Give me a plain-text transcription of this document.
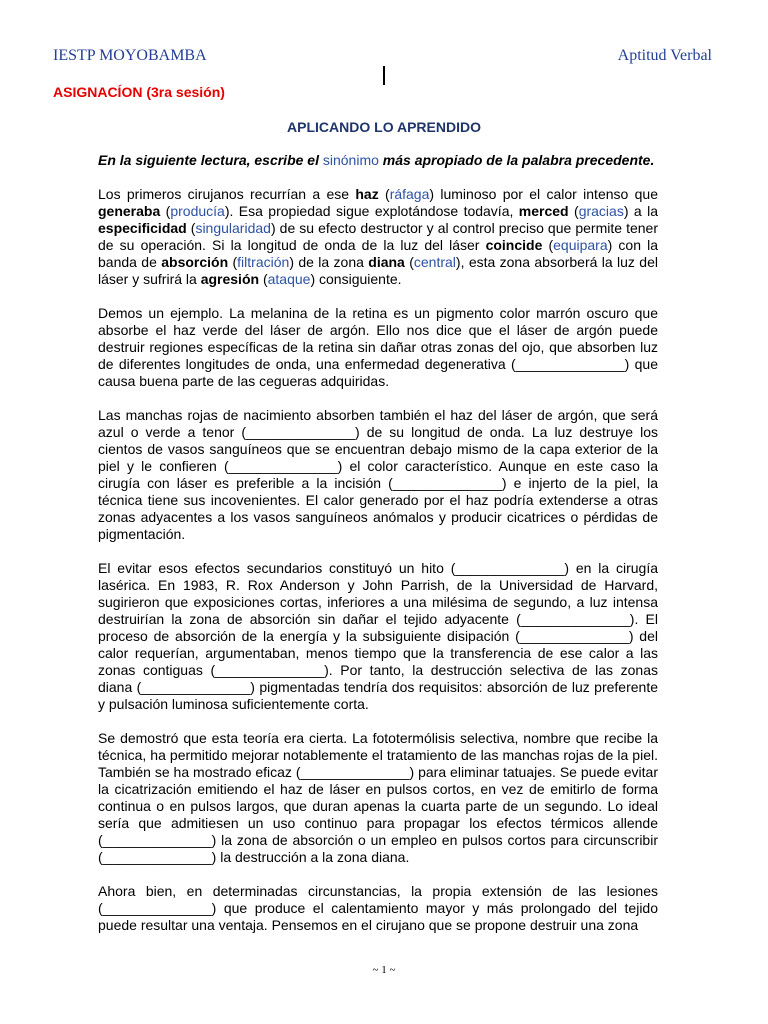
IESTP MOYOBAMBA	Aptitud Verbal
ASIGNACÍON (3ra sesión)
APLICANDO LO APRENDIDO

En la siguiente lectura, escribe el sinónimo más apropiado de la palabra precedente.

Los primeros cirujanos recurrían a ese haz (ráfaga) luminoso por el calor intenso que generaba (producía). Esa propiedad sigue explotándose todavía, merced (gracias) a la especificidad (singularidad) de su efecto destructor y al control preciso que permite tener de su operación. Si la longitud de onda de la luz del láser coincide (equipara) con la banda de absorción (filtración) de la zona diana (central), esta zona absorberá la luz del láser y sufrirá la agresión (ataque) consiguiente.

Demos un ejemplo. La melanina de la retina es un pigmento color marrón oscuro que absorbe el haz verde del láser de argón. Ello nos dice que el láser de argón puede destruir regiones específicas de la retina sin dañar otras zonas del ojo, que absorben luz de diferentes longitudes de onda, una enfermedad degenerativa (______________) que causa buena parte de las cegueras adquiridas.

Las manchas rojas de nacimiento absorben también el haz del láser de argón, que será azul o verde a tenor (______________) de su longitud de onda. La luz destruye los cientos de vasos sanguíneos que se encuentran debajo mismo de la capa exterior de la piel y le confieren (______________) el color característico. Aunque en este caso la cirugía con láser es preferible a la incisión (______________) e injerto de la piel, la técnica tiene sus incovenientes. El calor generado por el haz podría extenderse a otras zonas adyacentes a los vasos sanguíneos anómalos y producir cicatrices o pérdidas de pigmentación.

El evitar esos efectos secundarios constituyó un hito (______________) en la cirugía lasérica. En 1983, R. Rox Anderson y John Parrish, de la Universidad de Harvard, sugirieron que exposiciones cortas, inferiores a una milésima de segundo, a luz intensa destruirían la zona de absorción sin dañar el tejido adyacente (______________). El proceso de absorción de la energía y la subsiguiente disipación (______________) del calor requerían, argumentaban, menos tiempo que la transferencia de ese calor a las zonas contiguas (______________). Por tanto, la destrucción selectiva de las zonas diana (______________) pigmentadas tendría dos requisitos: absorción de luz preferente y pulsación luminosa suficientemente corta.

Se demostró que esta teoría era cierta. La fototermólisis selectiva, nombre que recibe la técnica, ha permitido mejorar notablemente el tratamiento de las manchas rojas de la piel. También se ha mostrado eficaz (______________) para eliminar tatuajes. Se puede evitar la cicatrización emitiendo el haz de láser en pulsos cortos, en vez de emitirlo de forma continua o en pulsos largos, que duran apenas la cuarta parte de un segundo. Lo ideal sería que admitiesen un uso continuo para propagar los efectos térmicos allende (______________) la zona de absorción o un empleo en pulsos cortos para circunscribir (______________) la destrucción a la zona diana.

Ahora bien, en determinadas circunstancias, la propia extensión de las lesiones (______________) que produce el calentamiento mayor y más prolongado del tejido puede resultar una ventaja. Pensemos en el cirujano que se propone destruir una zona

~ 1 ~
